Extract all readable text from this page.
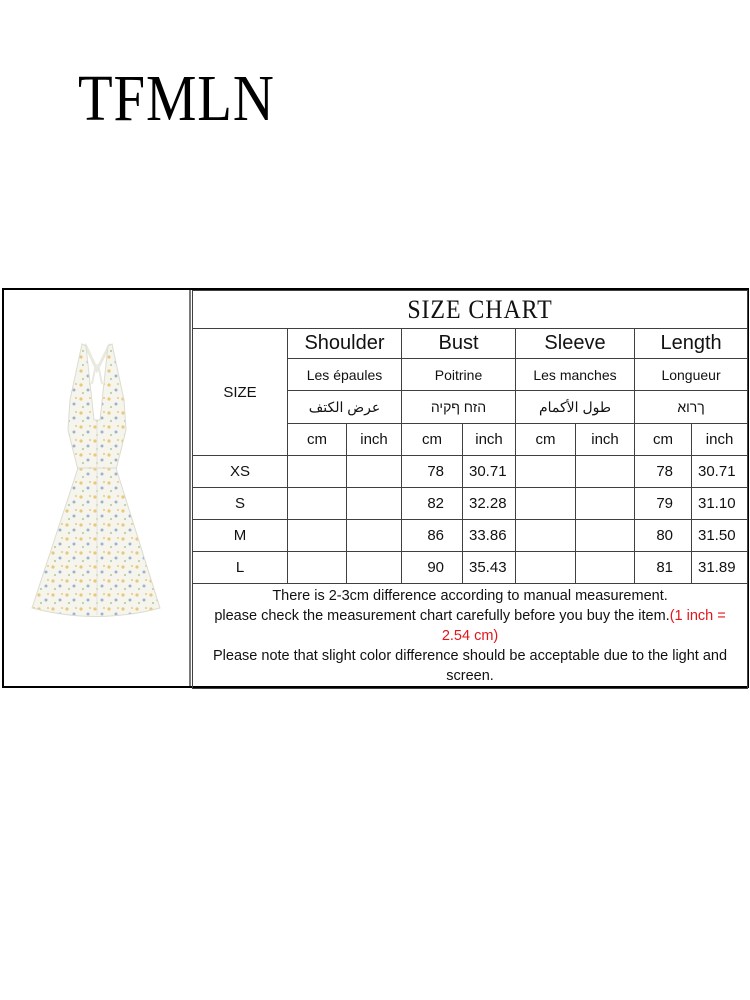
TFMLN
SIZE CHART								
SIZE	Shoulder		Bust		Sleeve		Length	
	Les épaules		Poitrine		Les manches		Longueur	
	عرض الكتف		הזח ףקיה		طول الأكمام		ךרוא	
	cm	inch	cm	inch	cm	inch	cm	inch
XS			78	30.71			78	30.71
S			82	32.28			79	31.10
M			86	33.86			80	31.50
L			90	35.43			81	31.89

There is 2-3cm difference according to manual measurement.
please check the measurement chart carefully before you buy the item.(1 inch = 2.54 cm)
Please note that slight color difference should be acceptable due to the light and screen.								
